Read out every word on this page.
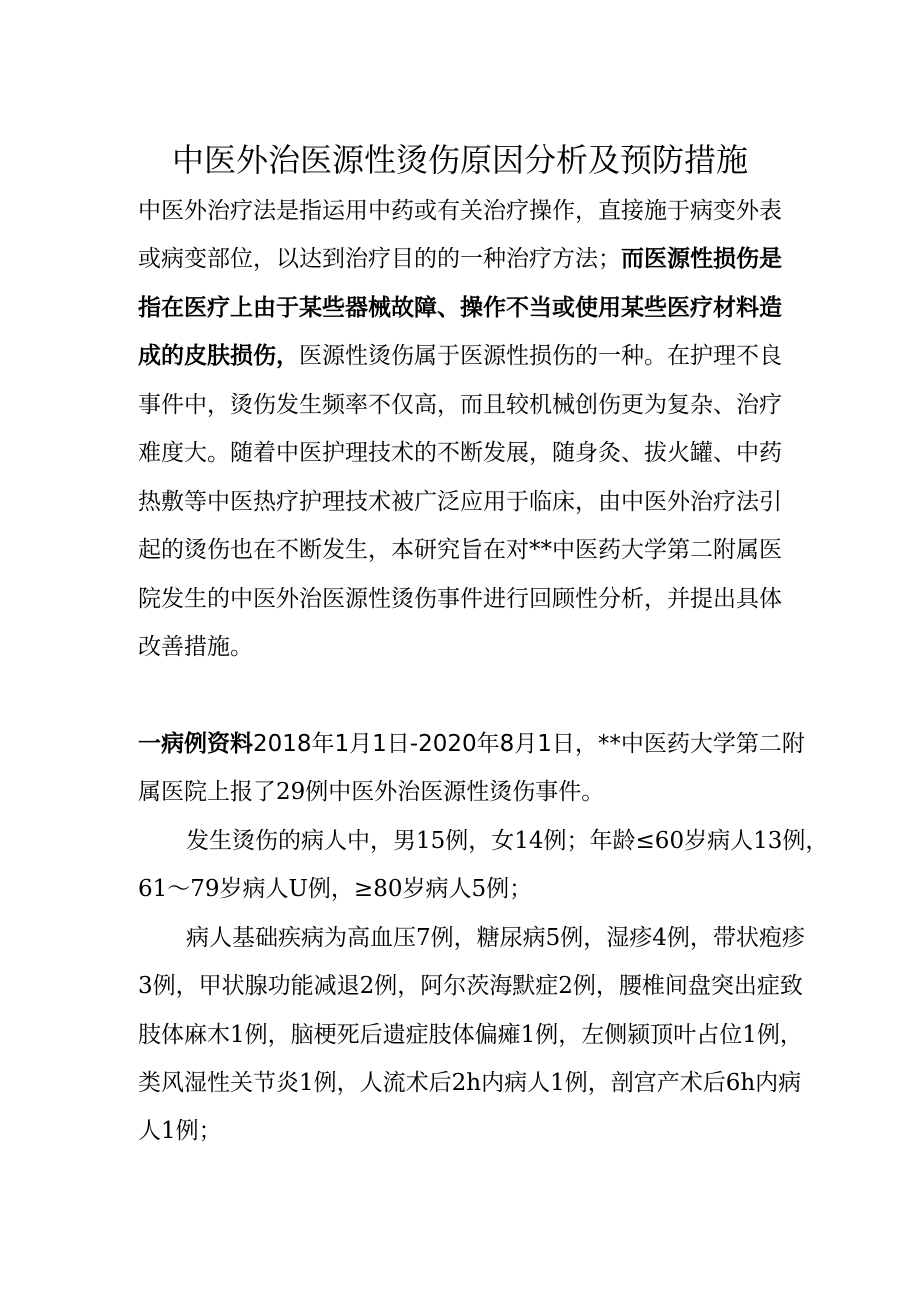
中医外治医源性烫伤原因分析及预防措施

中医外治疗法是指运用中药或有关治疗操作，直接施于病变外表

或病变部位，以达到治疗目的的一种治疗方法；而医源性损伤是

指在医疗上由于某些器械故障、操作不当或使用某些医疗材料造

成的皮肤损伤，医源性烫伤属于医源性损伤的一种。在护理不良

事件中，烫伤发生频率不仅高，而且较机械创伤更为复杂、治疗

难度大。随着中医护理技术的不断发展，随身灸、拔火罐、中药

热敷等中医热疗护理技术被广泛应用于临床，由中医外治疗法引

起的烫伤也在不断发生，本研究旨在对**中医药大学第二附属医

院发生的中医外治医源性烫伤事件进行回顾性分析，并提出具体

改善措施。

一病例资料2018年1月1日-2020年8月1日，**中医药大学第二附

属医院上报了29例中医外治医源性烫伤事件。

发生烫伤的病人中，男15例，女14例；年龄≤60岁病人13例，

61～79岁病人U例，≥80岁病人5例；

病人基础疾病为高血压7例，糖尿病5例，湿疹4例，带状疱疹

3例，甲状腺功能减退2例，阿尔茨海默症2例，腰椎间盘突出症致

肢体麻木1例，脑梗死后遗症肢体偏瘫1例，左侧颍顶叶占位1例，

类风湿性关节炎1例，人流术后2h内病人1例，剖宫产术后6h内病

人1例；
